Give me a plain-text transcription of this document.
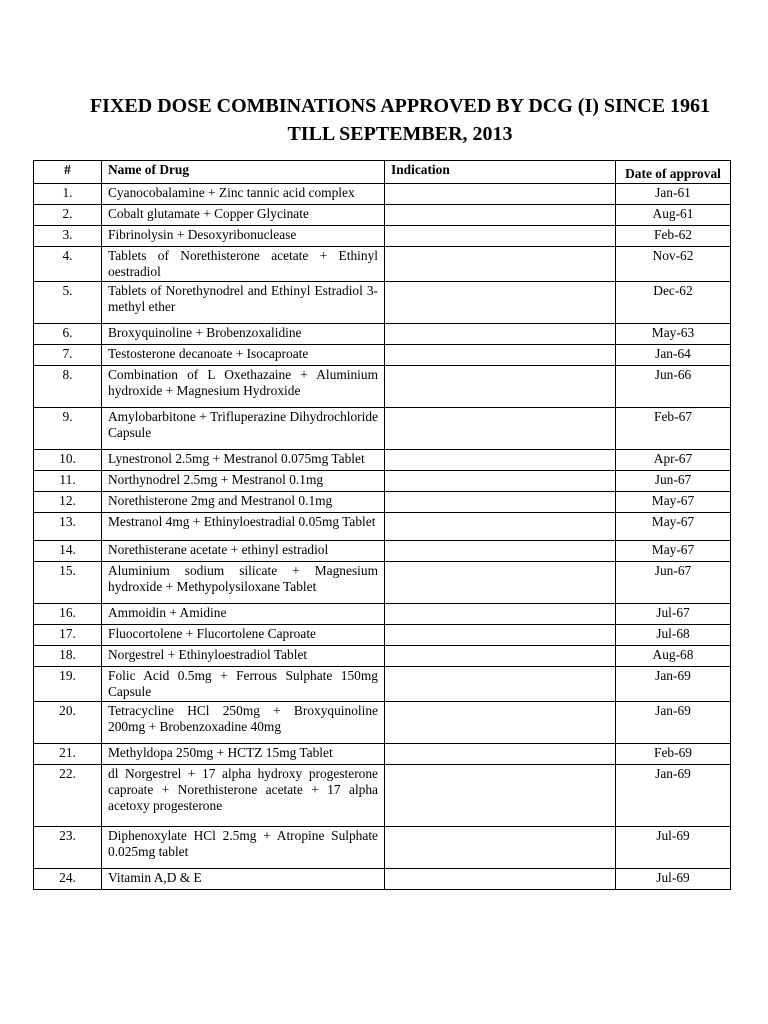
FIXED DOSE COMBINATIONS APPROVED BY DCG (I) SINCE 1961
TILL SEPTEMBER, 2013
#	Name of Drug	Indication	Date of approval
1.	Cyanocobalamine + Zinc tannic acid complex		Jan-61
2.	Cobalt glutamate + Copper Glycinate		Aug-61
3.	Fibrinolysin + Desoxyribonuclease		Feb-62
4.	Tablets of Norethisterone acetate + Ethinyl oestradiol		Nov-62
5.	Tablets of Norethynodrel and Ethinyl Estradiol 3-methyl ether		Dec-62
6.	Broxyquinoline + Brobenzoxalidine		May-63
7.	Testosterone decanoate + Isocaproate		Jan-64
8.	Combination of L Oxethazaine + Aluminium hydroxide + Magnesium Hydroxide		Jun-66
9.	Amylobarbitone + Trifluperazine Dihydrochloride Capsule		Feb-67
10.	Lynestronol 2.5mg + Mestranol 0.075mg Tablet		Apr-67
11.	Northynodrel 2.5mg + Mestranol 0.1mg		Jun-67
12.	Norethisterone 2mg and Mestranol 0.1mg		May-67
13.	Mestranol 4mg + Ethinyloestradial 0.05mg Tablet		May-67
14.	Norethisterane acetate + ethinyl estradiol		May-67
15.	Aluminium sodium silicate + Magnesium hydroxide + Methypolysiloxane Tablet		Jun-67
16.	Ammoidin + Amidine		Jul-67
17.	Fluocortolene + Flucortolene Caproate		Jul-68
18.	Norgestrel + Ethinyloestradiol Tablet		Aug-68
19.	Folic Acid 0.5mg + Ferrous Sulphate 150mg Capsule		Jan-69
20.	Tetracycline HCl 250mg + Broxyquinoline 200mg + Brobenzoxadine 40mg		Jan-69
21.	Methyldopa 250mg + HCTZ 15mg Tablet		Feb-69
22.	dl Norgestrel + 17 alpha hydroxy progesterone caproate + Norethisterone acetate + 17 alpha acetoxy progesterone		Jan-69
23.	Diphenoxylate HCl 2.5mg + Atropine Sulphate 0.025mg tablet		Jul-69
24.	Vitamin A,D & E		Jul-69
